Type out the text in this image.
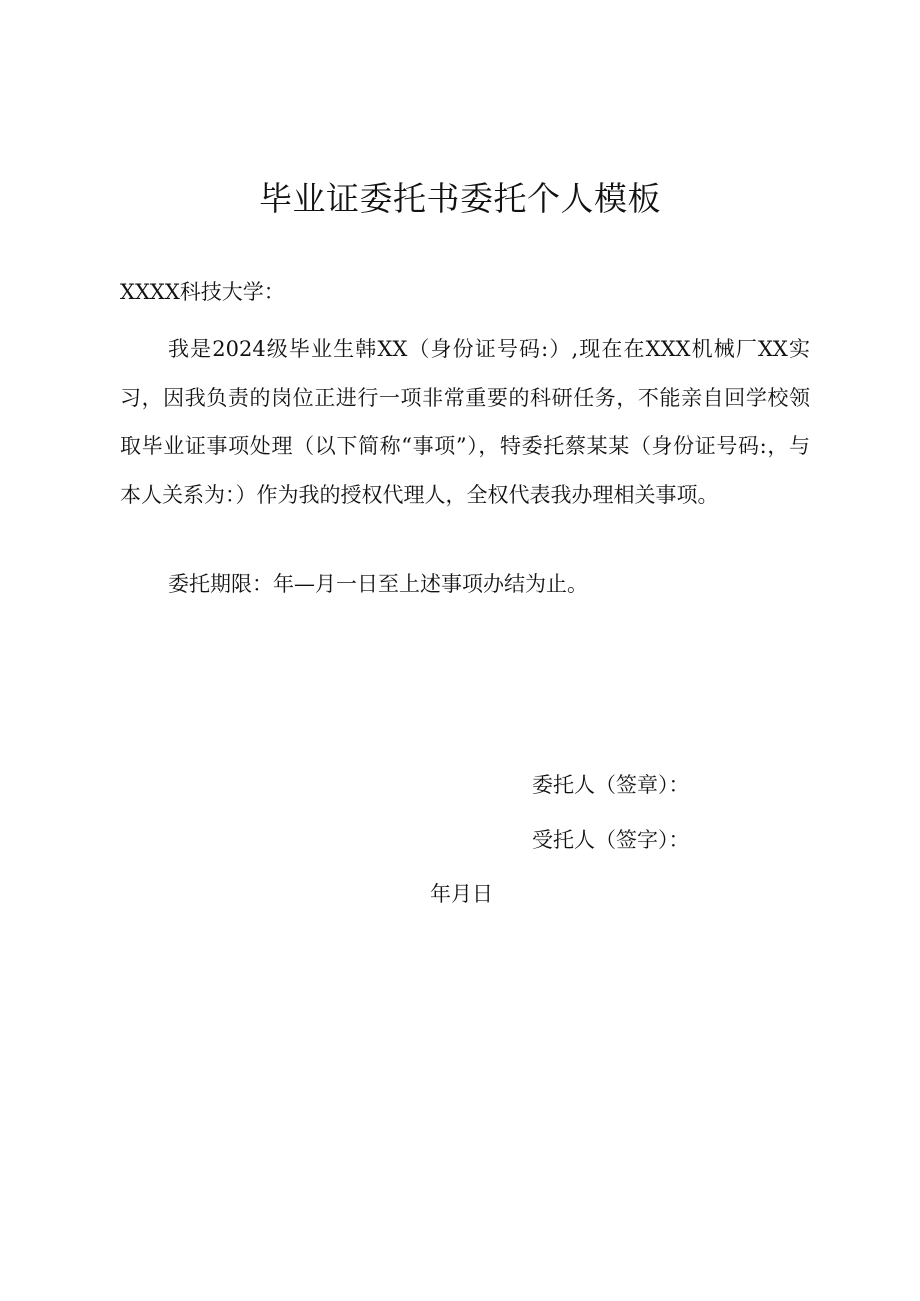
毕业证委托书委托个人模板

XXXX科技大学：

我是2024级毕业生韩XX（身份证号码:）,现在在XXX机械厂XX实习，因我负责的岗位正进行一项非常重要的科研任务，不能亲自回学校领取毕业证事项处理（以下简称“事项”），特委托蔡某某（身份证号码:，与本人关系为：）作为我的授权代理人，全权代表我办理相关事项。

委托期限：年—月一日至上述事项办结为止。

委托人（签章）：

受托人（签字）：

年月日
